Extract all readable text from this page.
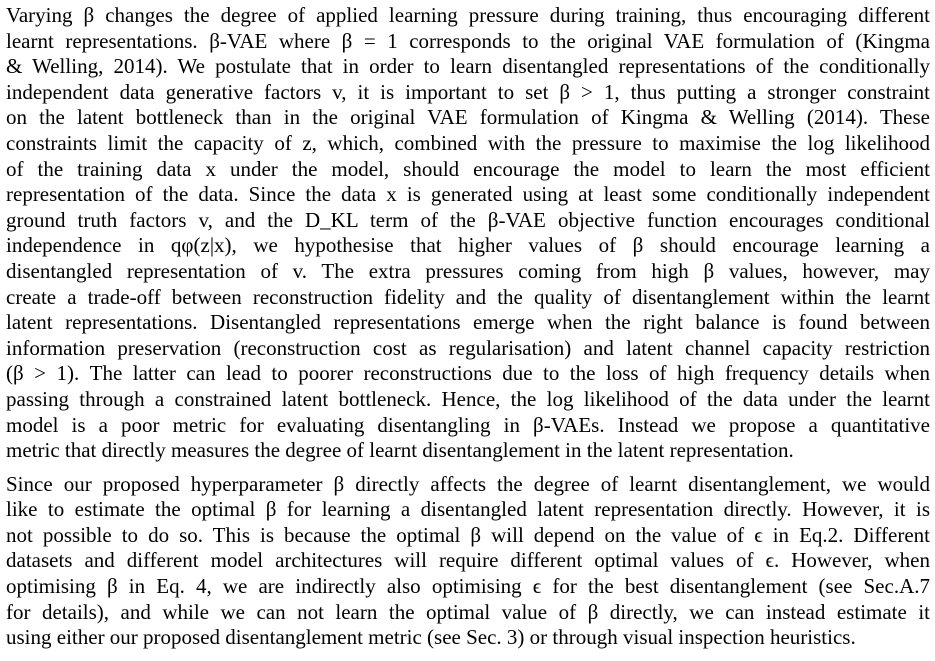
Varying β changes the degree of applied learning pressure during training, thus encouraging different
learnt representations. β-VAE where β = 1 corresponds to the original VAE formulation of (Kingma
& Welling, 2014). We postulate that in order to learn disentangled representations of the conditionally
independent data generative factors v, it is important to set β > 1, thus putting a stronger constraint
on the latent bottleneck than in the original VAE formulation of Kingma & Welling (2014). These
constraints limit the capacity of z, which, combined with the pressure to maximise the log likelihood
of the training data x under the model, should encourage the model to learn the most efficient
representation of the data. Since the data x is generated using at least some conditionally independent
ground truth factors v, and the D_KL term of the β-VAE objective function encourages conditional
independence in qφ(z|x), we hypothesise that higher values of β should encourage learning a
disentangled representation of v. The extra pressures coming from high β values, however, may
create a trade-off between reconstruction fidelity and the quality of disentanglement within the learnt
latent representations. Disentangled representations emerge when the right balance is found between
information preservation (reconstruction cost as regularisation) and latent channel capacity restriction
(β > 1). The latter can lead to poorer reconstructions due to the loss of high frequency details when
passing through a constrained latent bottleneck. Hence, the log likelihood of the data under the learnt
model is a poor metric for evaluating disentangling in β-VAEs. Instead we propose a quantitative
metric that directly measures the degree of learnt disentanglement in the latent representation.
Since our proposed hyperparameter β directly affects the degree of learnt disentanglement, we would
like to estimate the optimal β for learning a disentangled latent representation directly. However, it is
not possible to do so. This is because the optimal β will depend on the value of ϵ in Eq.2. Different
datasets and different model architectures will require different optimal values of ϵ. However, when
optimising β in Eq. 4, we are indirectly also optimising ϵ for the best disentanglement (see Sec.A.7
for details), and while we can not learn the optimal value of β directly, we can instead estimate it
using either our proposed disentanglement metric (see Sec. 3) or through visual inspection heuristics.
